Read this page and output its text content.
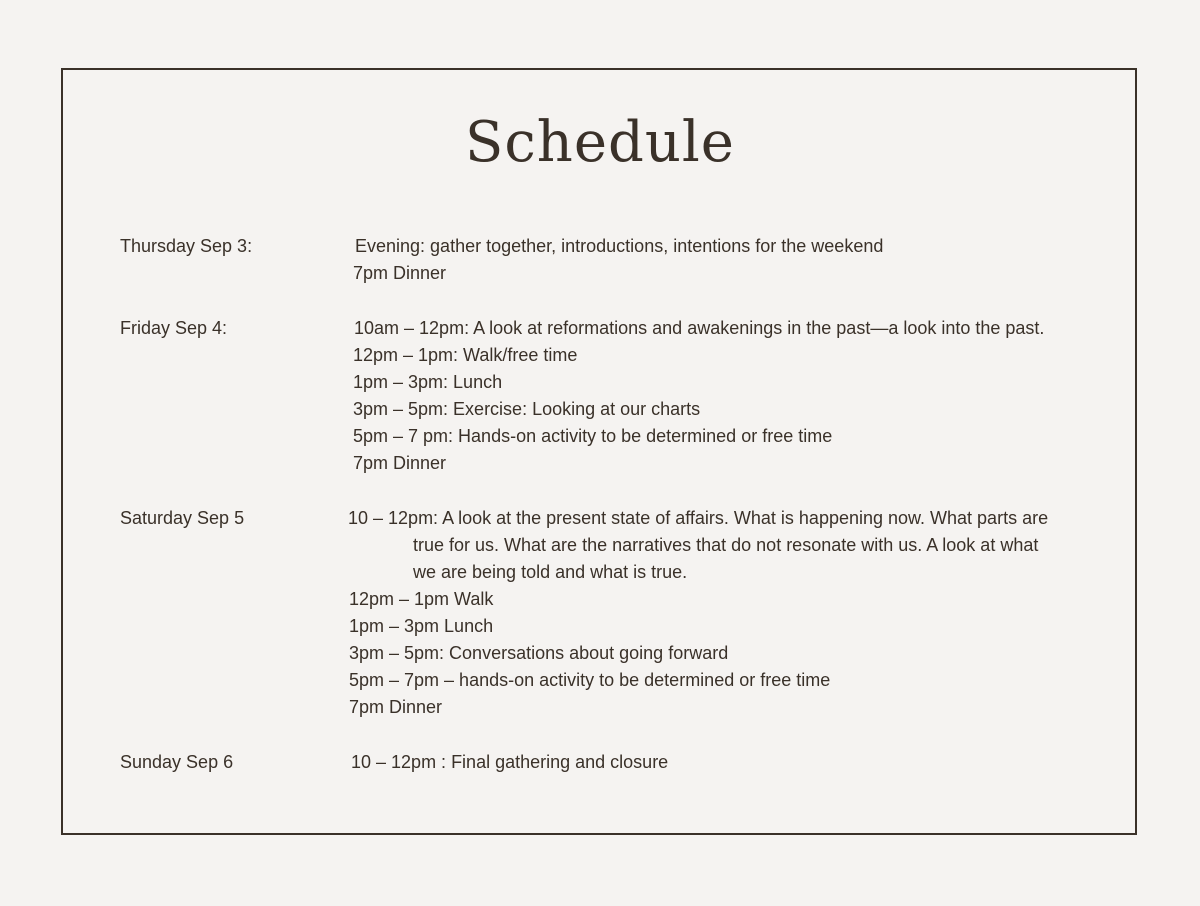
Schedule
Thursday Sep 3:	Evening: gather together, introductions, intentions for the weekend
7pm Dinner
Friday Sep 4:	10am – 12pm: A look at reformations and awakenings in the past—a look into the past.
12pm – 1pm: Walk/free time
1pm – 3pm: Lunch
3pm – 5pm: Exercise: Looking at our charts
5pm – 7 pm: Hands-on activity to be determined or free time
7pm Dinner
Saturday Sep 5	10 – 12pm: A look at the present state of affairs. What is happening now. What parts are
true for us. What are the narratives that do not resonate with us. A look at what
we are being told and what is true.
12pm – 1pm Walk
1pm – 3pm Lunch
3pm – 5pm: Conversations about going forward
5pm – 7pm – hands-on activity to be determined or free time
7pm Dinner
Sunday Sep 6	10 – 12pm : Final gathering and closure
